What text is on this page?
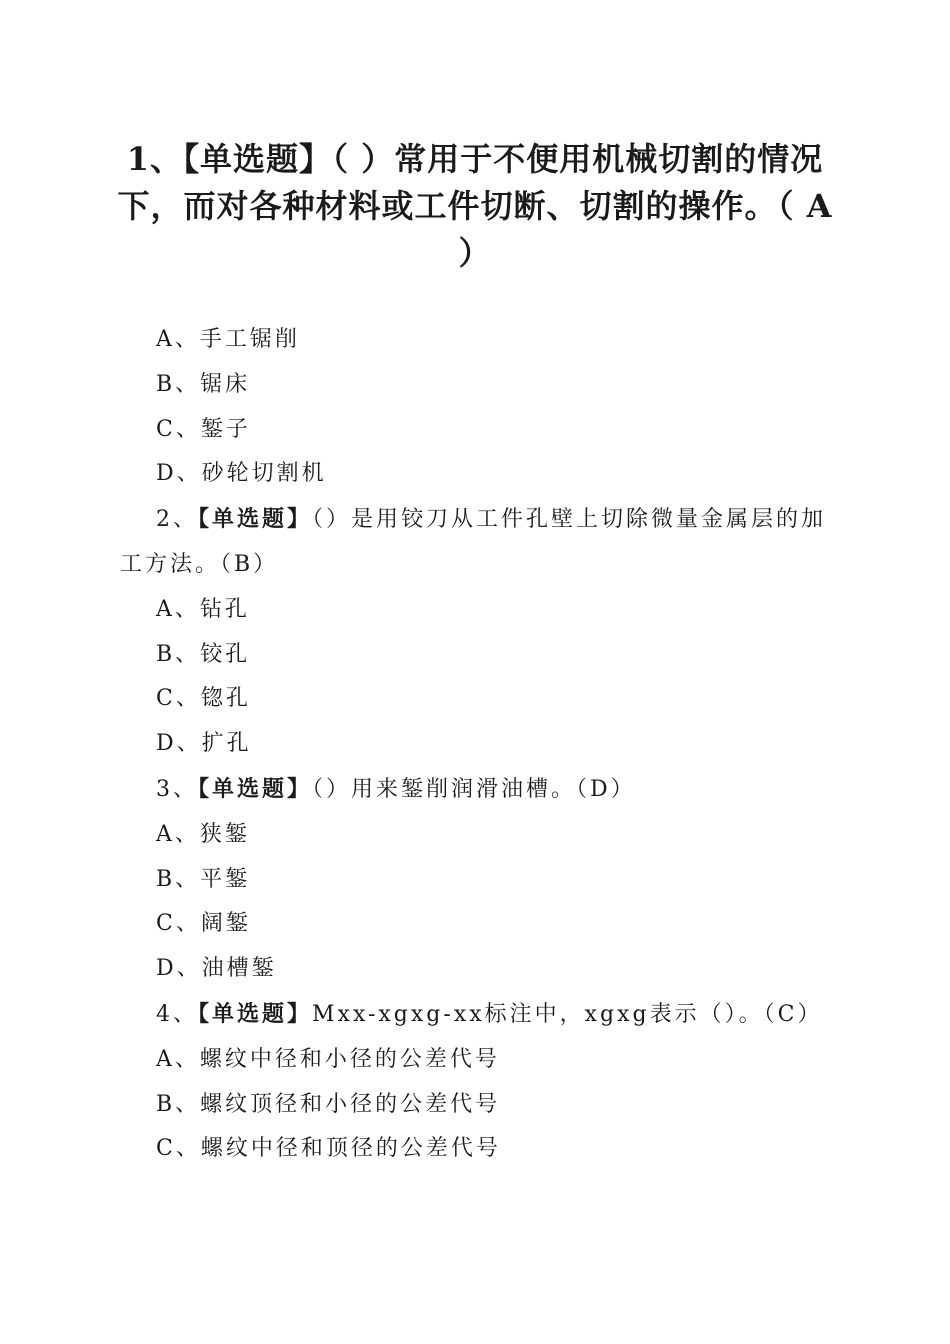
1、【单选题】（ ）常用于不便用机械切割的情况下，而对各种材料或工件切断、切割的操作。（ A ）

A、手工锯削

B、锯床

C、錾子

D、砂轮切割机

2、【单选题】（）是用铰刀从工件孔壁上切除微量金属层的加工方法。（B）

A、钻孔

B、铰孔

C、锪孔

D、扩孔

3、【单选题】（）用来錾削润滑油槽。（D）

A、狭錾

B、平錾

C、阔錾

D、油槽錾

4、【单选题】Mxx-xgxg-xx标注中，xgxg表示（）。（C）

A、螺纹中径和小径的公差代号

B、螺纹顶径和小径的公差代号

C、螺纹中径和顶径的公差代号
